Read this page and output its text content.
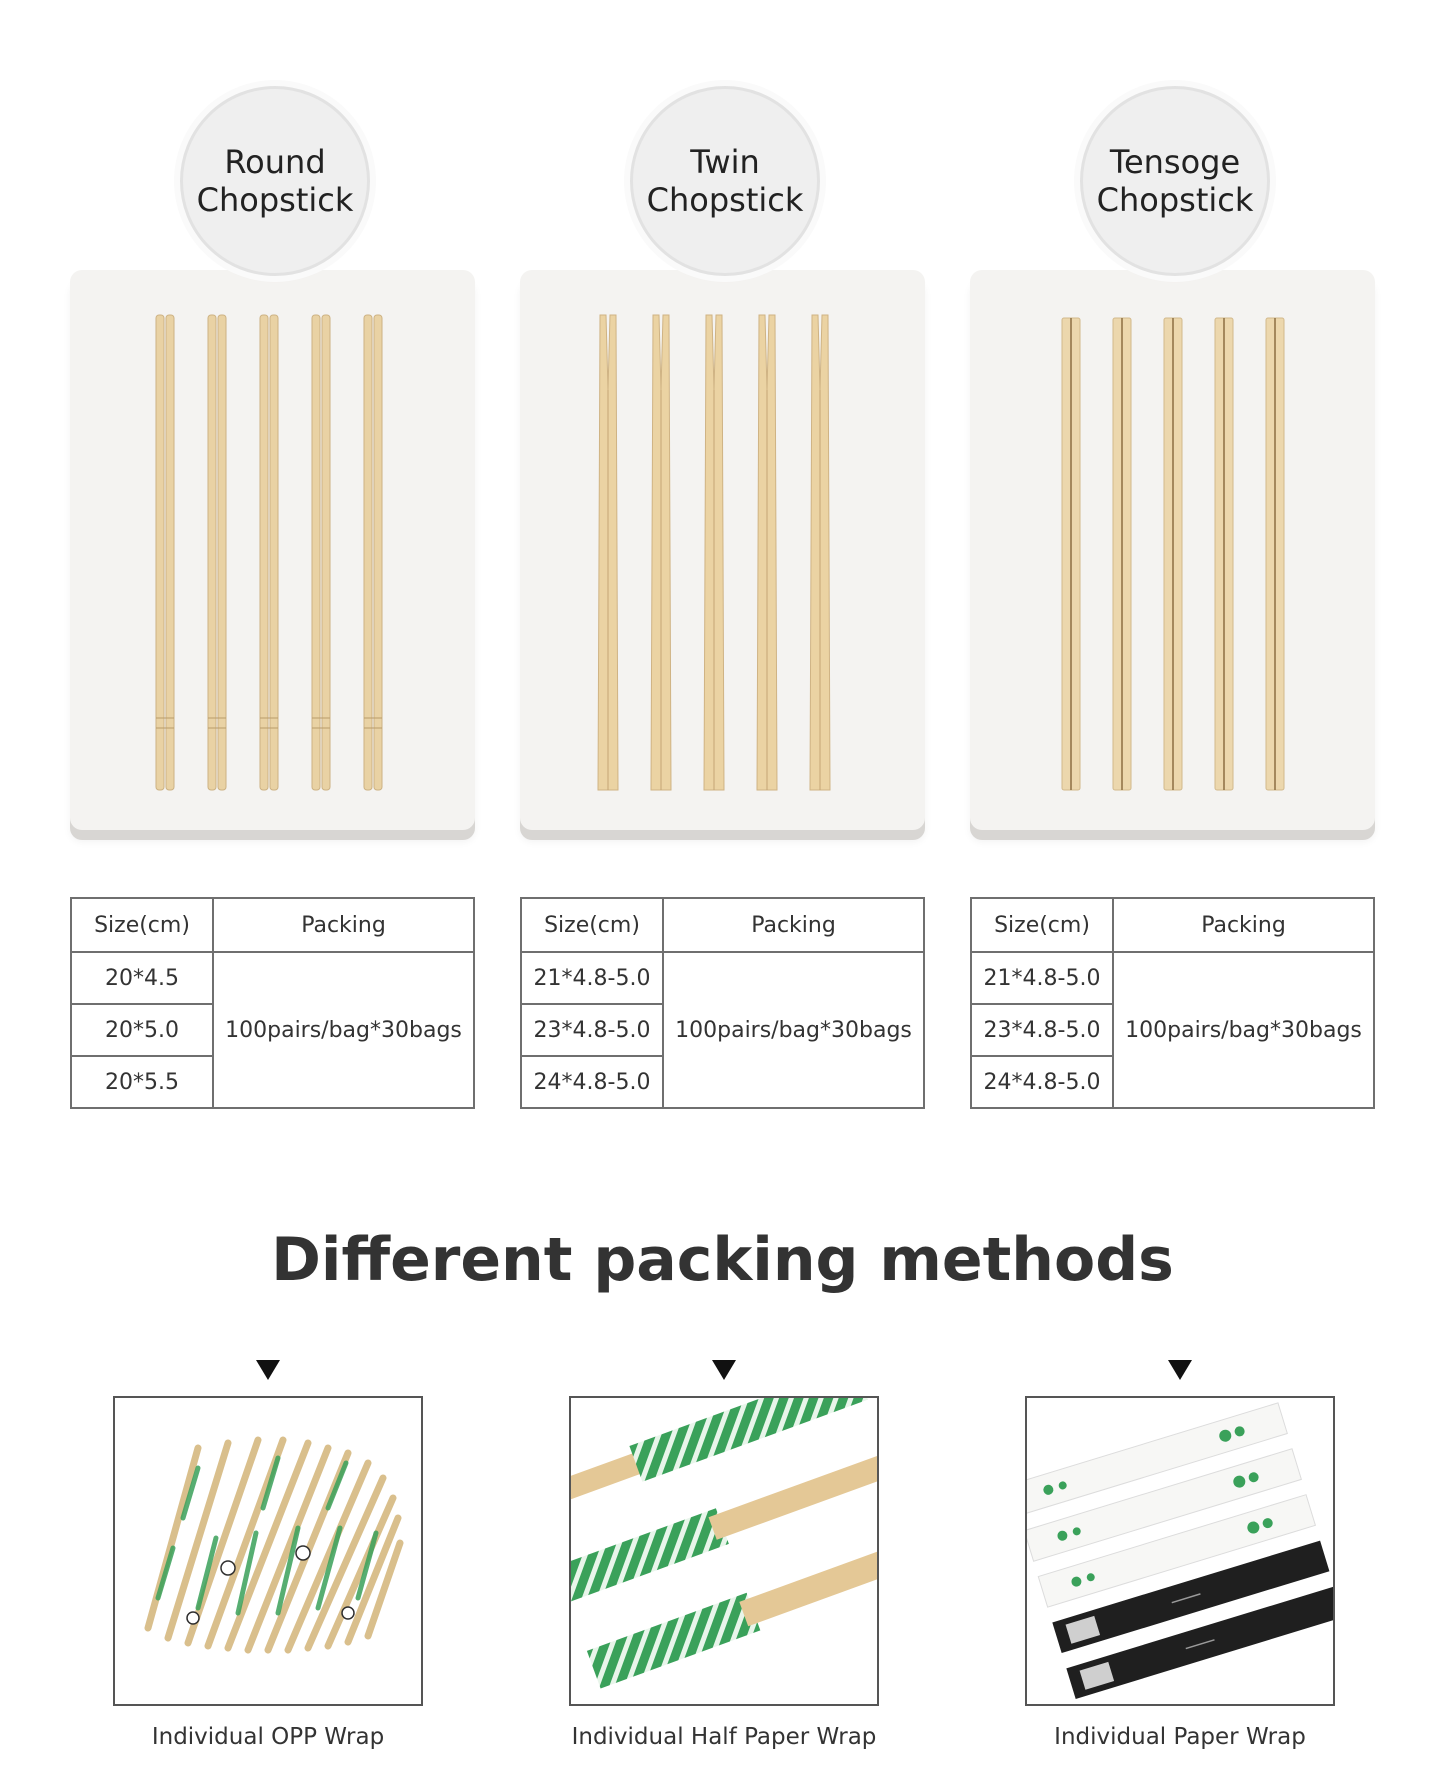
Round
Chopstick
Size(cm)	Packing
20*4.5	100pairs/bag*30bags
20*5.0	
20*5.5	
Twin
Chopstick
Size(cm)	Packing
21*4.8-5.0	100pairs/bag*30bags
23*4.8-5.0	
24*4.8-5.0	
Tensoge
Chopstick
Size(cm)	Packing
21*4.8-5.0	100pairs/bag*30bags
23*4.8-5.0	
24*4.8-5.0	
Different packing methods
Individual OPP Wrap	Individual Half Paper Wrap	Individual Paper Wrap
